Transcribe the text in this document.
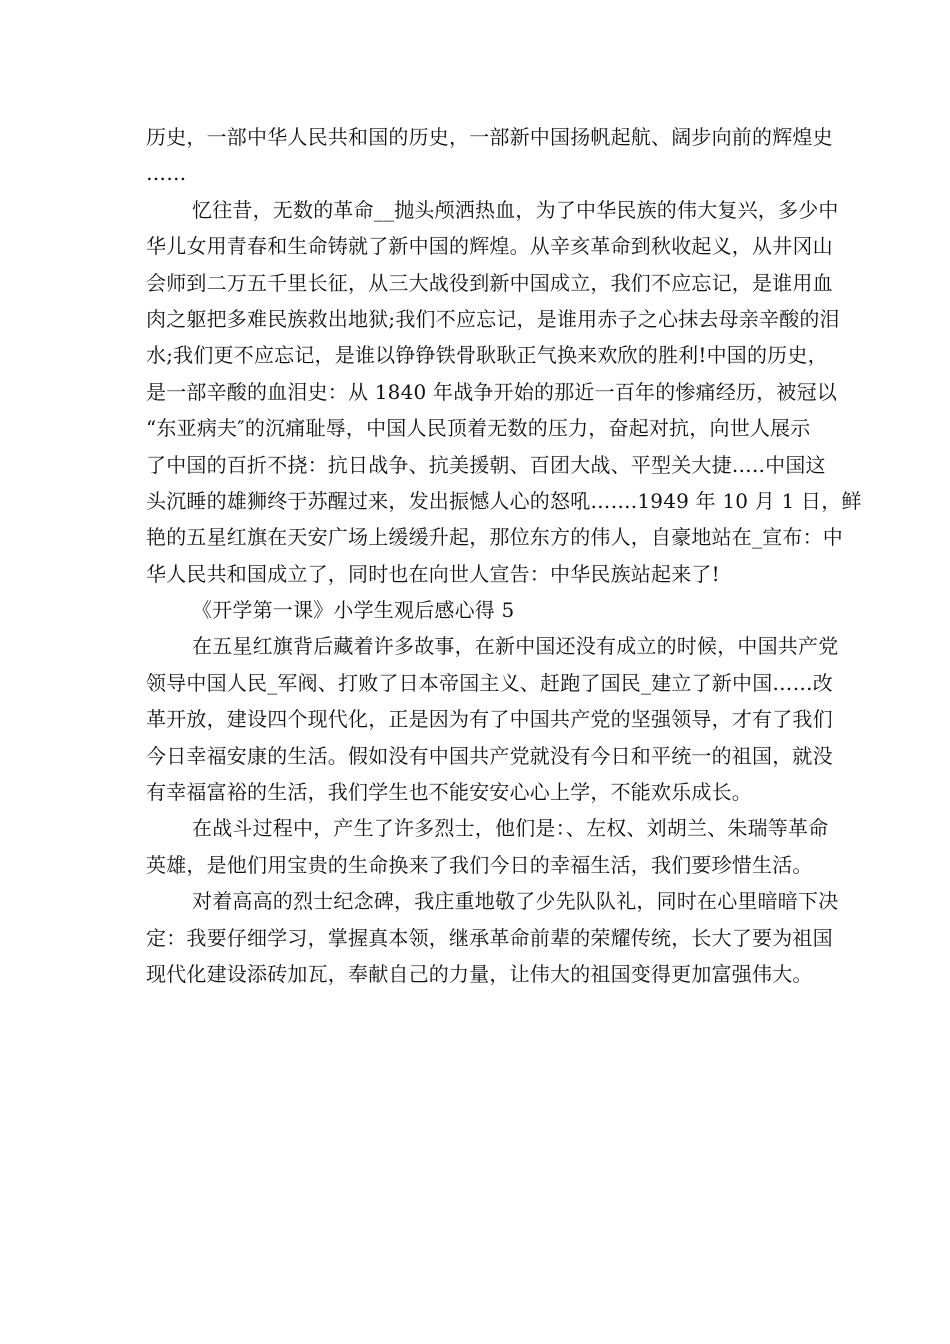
历史，一部中华人民共和国的历史，一部新中国扬帆起航、阔步向前的辉煌史
……
忆往昔，无数的革命__抛头颅洒热血，为了中华民族的伟大复兴，多少中
华儿女用青春和生命铸就了新中国的辉煌。从辛亥革命到秋收起义，从井冈山
会师到二万五千里长征，从三大战役到新中国成立，我们不应忘记，是谁用血
肉之躯把多难民族救出地狱;我们不应忘记，是谁用赤子之心抹去母亲辛酸的泪
水;我们更不应忘记，是谁以铮铮铁骨耿耿正气换来欢欣的胜利!中国的历史，
是一部辛酸的血泪史：从 1840 年战争开始的那近一百年的惨痛经历，被冠以
“东亚病夫″的沉痛耻辱，中国人民顶着无数的压力，奋起对抗，向世人展示
了中国的百折不挠：抗日战争、抗美援朝、百团大战、平型关大捷…..中国这
头沉睡的雄狮终于苏醒过来，发出振憾人心的怒吼…….1949 年 10 月 1 日，鲜
艳的五星红旗在天安广场上缓缓升起，那位东方的伟人，自豪地站在_宣布：中
华人民共和国成立了，同时也在向世人宣告：中华民族站起来了!
《开学第一课》小学生观后感心得 5
在五星红旗背后藏着许多故事，在新中国还没有成立的时候，中国共产党
领导中国人民_军阀、打败了日本帝国主义、赶跑了国民_建立了新中国……改
革开放，建设四个现代化，正是因为有了中国共产党的坚强领导，才有了我们
今日幸福安康的生活。假如没有中国共产党就没有今日和平统一的祖国，就没
有幸福富裕的生活，我们学生也不能安安心心上学，不能欢乐成长。
在战斗过程中，产生了许多烈士，他们是：、左权、刘胡兰、朱瑞等革命
英雄，是他们用宝贵的生命换来了我们今日的幸福生活，我们要珍惜生活。
对着高高的烈士纪念碑，我庄重地敬了少先队队礼，同时在心里暗暗下决
定：我要仔细学习，掌握真本领，继承革命前辈的荣耀传统，长大了要为祖国
现代化建设添砖加瓦，奉献自己的力量，让伟大的祖国变得更加富强伟大。
